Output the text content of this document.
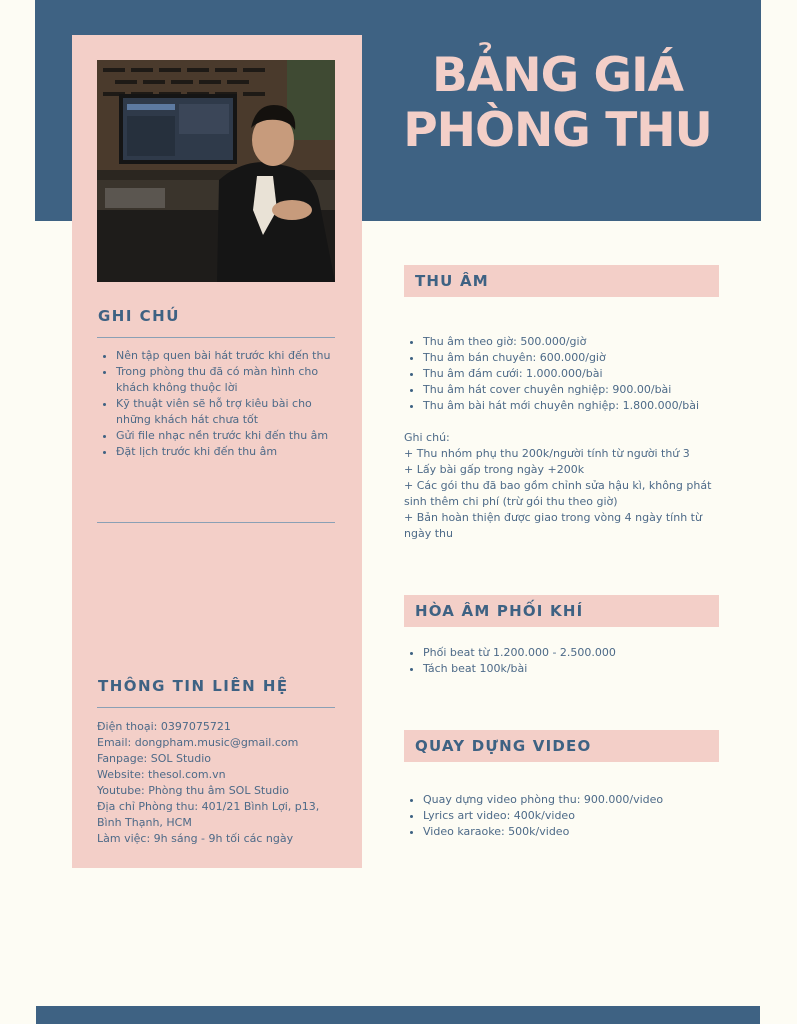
BẢNG GIÁ
PHÒNG THU
GHI CHÚ
• Nên tập quen bài hát trước khi đến thu
• Trong phòng thu đã có màn hình cho khách không thuộc lời
• Kỹ thuật viên sẽ hỗ trợ kiêu bài cho những khách hát chưa tốt
• Gửi file nhạc nền trước khi đến thu âm
• Đặt lịch trước khi đến thu âm
THÔNG TIN LIÊN HỆ
Điện thoại: 0397075721
Email: dongpham.music@gmail.com
Fanpage: SOL Studio
Website: thesol.com.vn
Youtube: Phòng thu âm SOL Studio
Địa chỉ Phòng thu: 401/21 Bình Lợi, p13, Bình Thạnh, HCM
Làm việc: 9h sáng - 9h tối các ngày
THU ÂM
• Thu âm theo giờ: 500.000/giờ
• Thu âm bán chuyên: 600.000/giờ
• Thu âm đám cưới: 1.000.000/bài
• Thu âm hát cover chuyên nghiệp: 900.00/bài
• Thu âm bài hát mới chuyên nghiệp: 1.800.000/bài
Ghi chú:
+ Thu nhóm phụ thu 200k/người tính từ người thứ 3
+ Lấy bài gấp trong ngày +200k
+ Các gói thu đã bao gồm chỉnh sửa hậu kì, không phát sinh thêm chi phí (trừ gói thu theo giờ)
+ Bản hoàn thiện được giao trong vòng 4 ngày tính từ ngày thu
HÒA ÂM PHỐI KHÍ
• Phối beat từ 1.200.000 - 2.500.000
• Tách beat 100k/bài
QUAY DỰNG VIDEO
• Quay dựng video phòng thu: 900.000/video
• Lyrics art video: 400k/video
• Video karaoke: 500k/video
